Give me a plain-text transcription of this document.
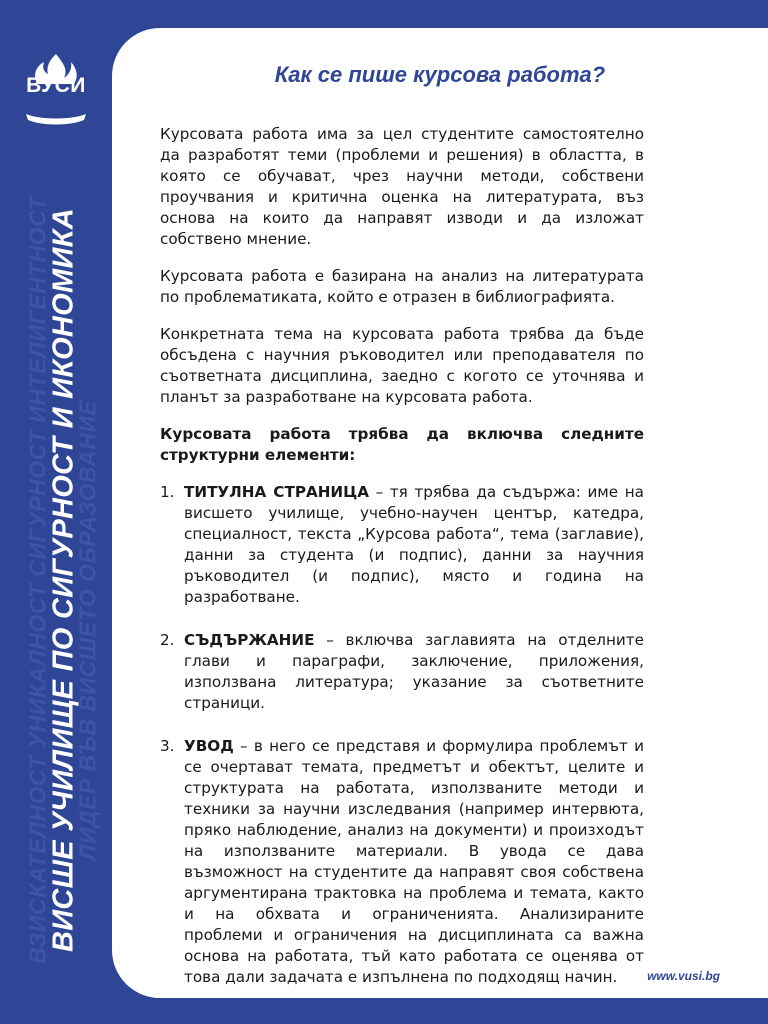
ВУСИ
ВЗИСКАТЕЛНОСТ УНИКАЛНОСТ СИГУРНОСТ ИНТЕЛИГЕНТНОСТ ЛИДЕР ВЪВ ВИСШЕТО ОБРАЗОВАНИЕ
ВИСШЕ УЧИЛИЩЕ ПО СИГУРНОСТ И ИКОНОМИКА
Как се пише курсова работа?

Курсовата работа има за цел студентите самостоятелно да разработят теми (проблеми и решения) в областта, в която се обучават, чрез научни методи, собствени проучвания и критична оценка на литературата, въз основа на които да направят изводи и да изложат собствено мнение.

Курсовата работа е базирана на анализ на литературата по проблематиката, който е отразен в библиографията.

Конкретната тема на курсовата работа трябва да бъде обсъдена с научния ръководител или преподавателя по съответната дисциплина, заедно с когото се уточнява и планът за разработване на курсовата работа.

Курсовата работа трябва да включва следните структурни елементи:

1. ТИТУЛНА СТРАНИЦА – тя трябва да съдържа: име на висшето училище, учебно-научен център, катедра, специалност, текста „Курсова работа“, тема (заглавие), данни за студента (и подпис), данни за научния ръководител (и подпис), място и година на разработване.
2. СЪДЪРЖАНИЕ – включва заглавията на отделните глави и параграфи, заключение, приложения, използвана литература; указание за съответните страници.
3. УВОД – в него се представя и формулира проблемът и се очертават темата, предметът и обектът, целите и структурата на работата, използваните методи и техники за научни изследвания (например интервюта, пряко наблюдение, анализ на документи) и произходът на използваните материали. В увода се дава възможност на студентите да направят своя собствена аргументирана трактовка на проблема и темата, както и на обхвата и ограниченията. Анализираните проблеми и ограничения на дисциплината са важна основа на работата, тъй като работата се оценява от това дали задачата е изпълнена по подходящ начин.	www.vusi.bg
